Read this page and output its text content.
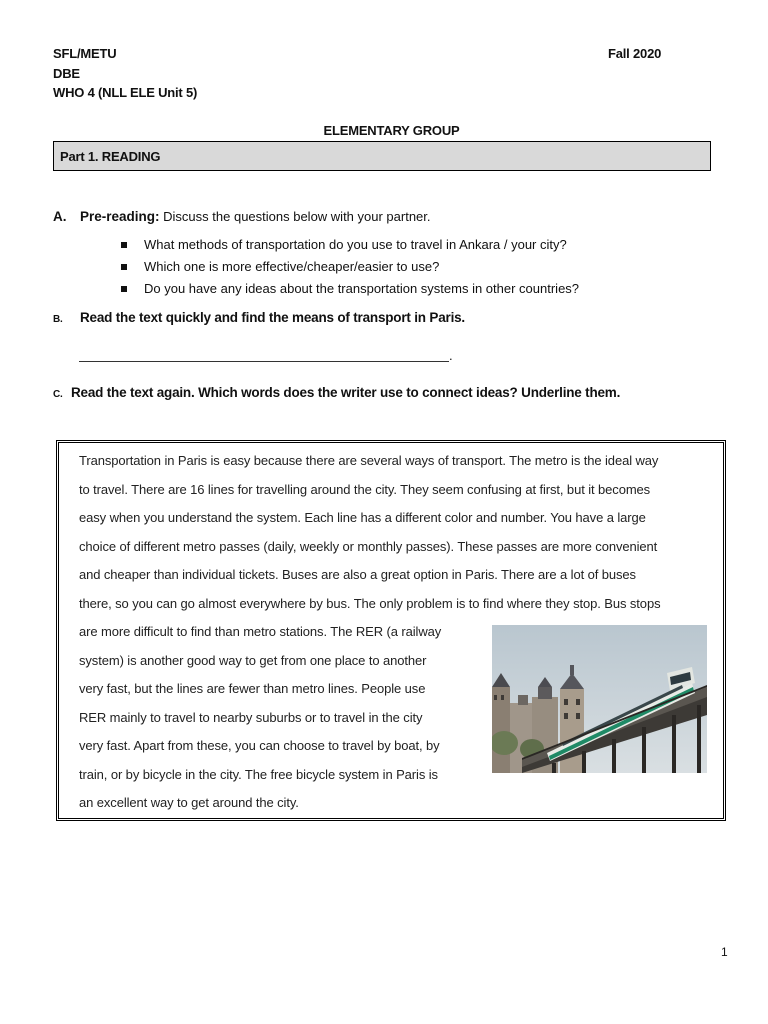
SFL/METU	Fall 2020
DBE
WHO 4 (NLL ELE Unit 5)
ELEMENTARY GROUP
Part 1. READING
A. Pre-reading: Discuss the questions below with your partner.
What methods of transportation do you use to travel in Ankara / your city?
Which one is more effective/cheaper/easier to use?
Do you have any ideas about the transportation systems in other countries?
B. Read the text quickly and find the means of transport in Paris.
.
C. Read the text again. Which words does the writer use to connect ideas? Underline them.
Transportation in Paris is easy because there are several ways of transport. The metro is the ideal way
to travel. There are 16 lines for travelling around the city. They seem confusing at first, but it becomes
easy when you understand the system. Each line has a different color and number. You have a large
choice of different metro passes (daily, weekly or monthly passes). These passes are more convenient
and cheaper than individual tickets. Buses are also a great option in Paris. There are a lot of buses
there, so you can go almost everywhere by bus. The only problem is to find where they stop. Bus stops
are more difficult to find than metro stations. The RER (a railway
system) is another good way to get from one place to another
very fast, but the lines are fewer than metro lines. People use
RER mainly to travel to nearby suburbs or to travel in the city
very fast. Apart from these, you can choose to travel by boat, by
train, or by bicycle in the city. The free bicycle system in Paris is
an excellent way to get around the city.
1
